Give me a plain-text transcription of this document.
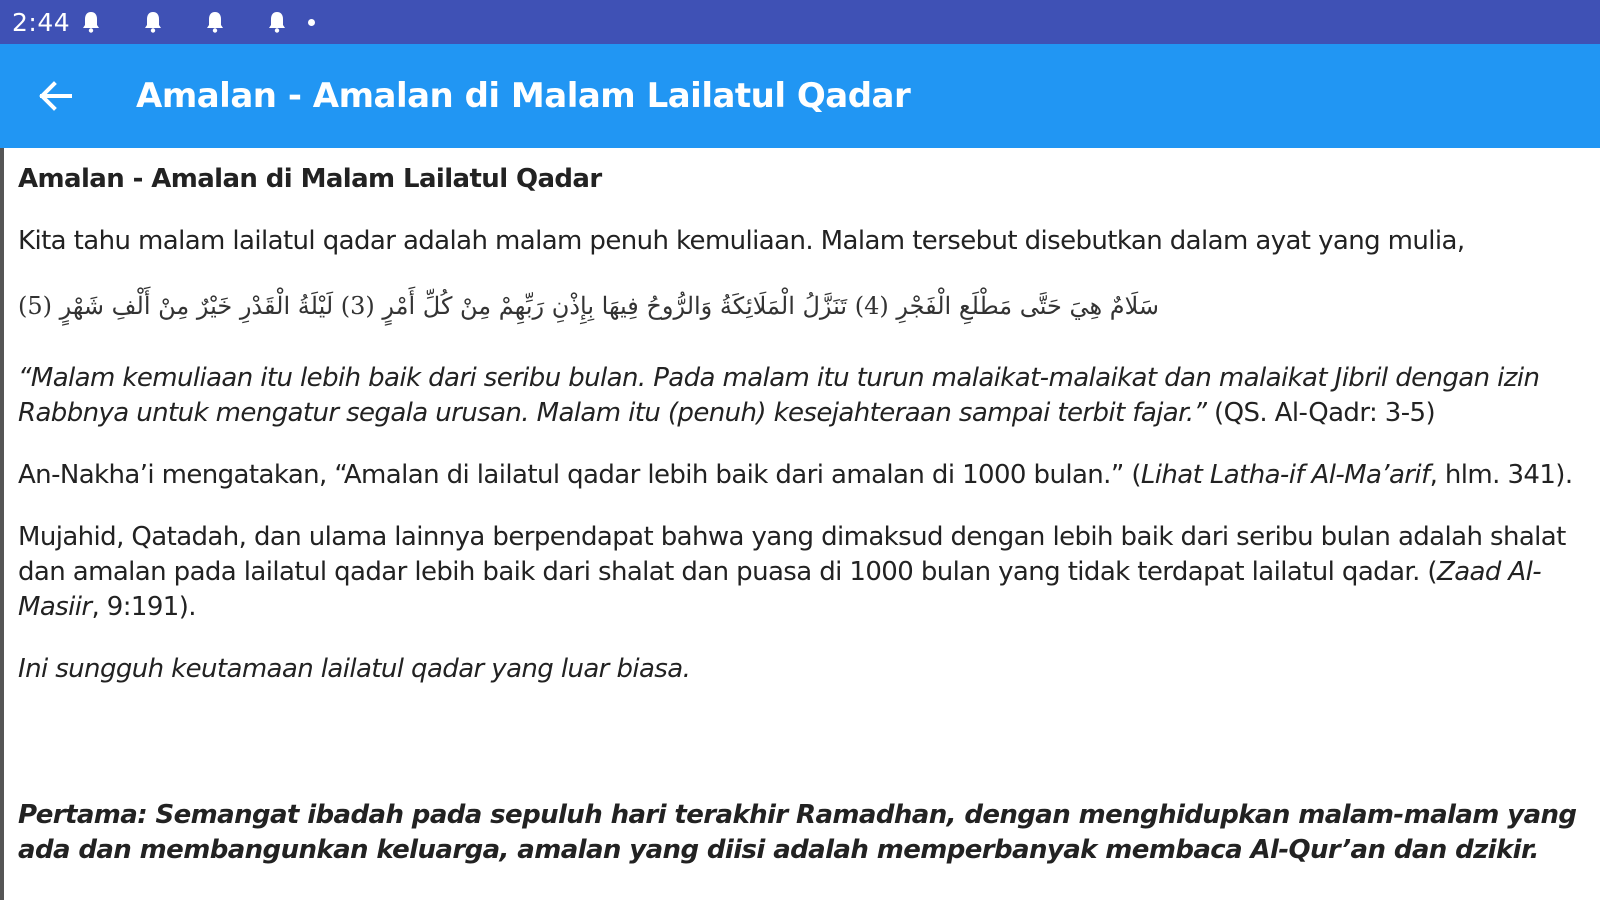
2:44
Amalan - Amalan di Malam Lailatul Qadar
Amalan - Amalan di Malam Lailatul Qadar
Kita tahu malam lailatul qadar adalah malam penuh kemuliaan. Malam tersebut disebutkan dalam ayat yang mulia,
(5) سَلَامٌ هِيَ حَتَّى مَطْلَعِ الْفَجْرِ (4) تَنَزَّلُ الْمَلَائِكَةُ وَالرُّوحُ فِيهَا بِإِذْنِ رَبِّهِمْ مِنْ كُلِّ أَمْرٍ (3) لَيْلَةُ الْقَدْرِ خَيْرٌ مِنْ أَلْفِ شَهْرٍ
“Malam kemuliaan itu lebih baik dari seribu bulan. Pada malam itu turun malaikat-malaikat dan malaikat Jibril dengan izin Rabbnya untuk mengatur segala urusan. Malam itu (penuh) kesejahteraan sampai terbit fajar.” (QS. Al-Qadr: 3-5)
An-Nakha’i mengatakan, “Amalan di lailatul qadar lebih baik dari amalan di 1000 bulan.” (Lihat Latha-if Al-Ma’arif, hlm. 341).
Mujahid, Qatadah, dan ulama lainnya berpendapat bahwa yang dimaksud dengan lebih baik dari seribu bulan adalah shalat dan amalan pada lailatul qadar lebih baik dari shalat dan puasa di 1000 bulan yang tidak terdapat lailatul qadar. (Zaad Al-Masiir, 9:191).
Ini sungguh keutamaan lailatul qadar yang luar biasa.
Pertama: Semangat ibadah pada sepuluh hari terakhir Ramadhan, dengan menghidupkan malam-malam yang ada dan membangunkan keluarga, amalan yang diisi adalah memperbanyak membaca Al-Qur’an dan dzikir.
